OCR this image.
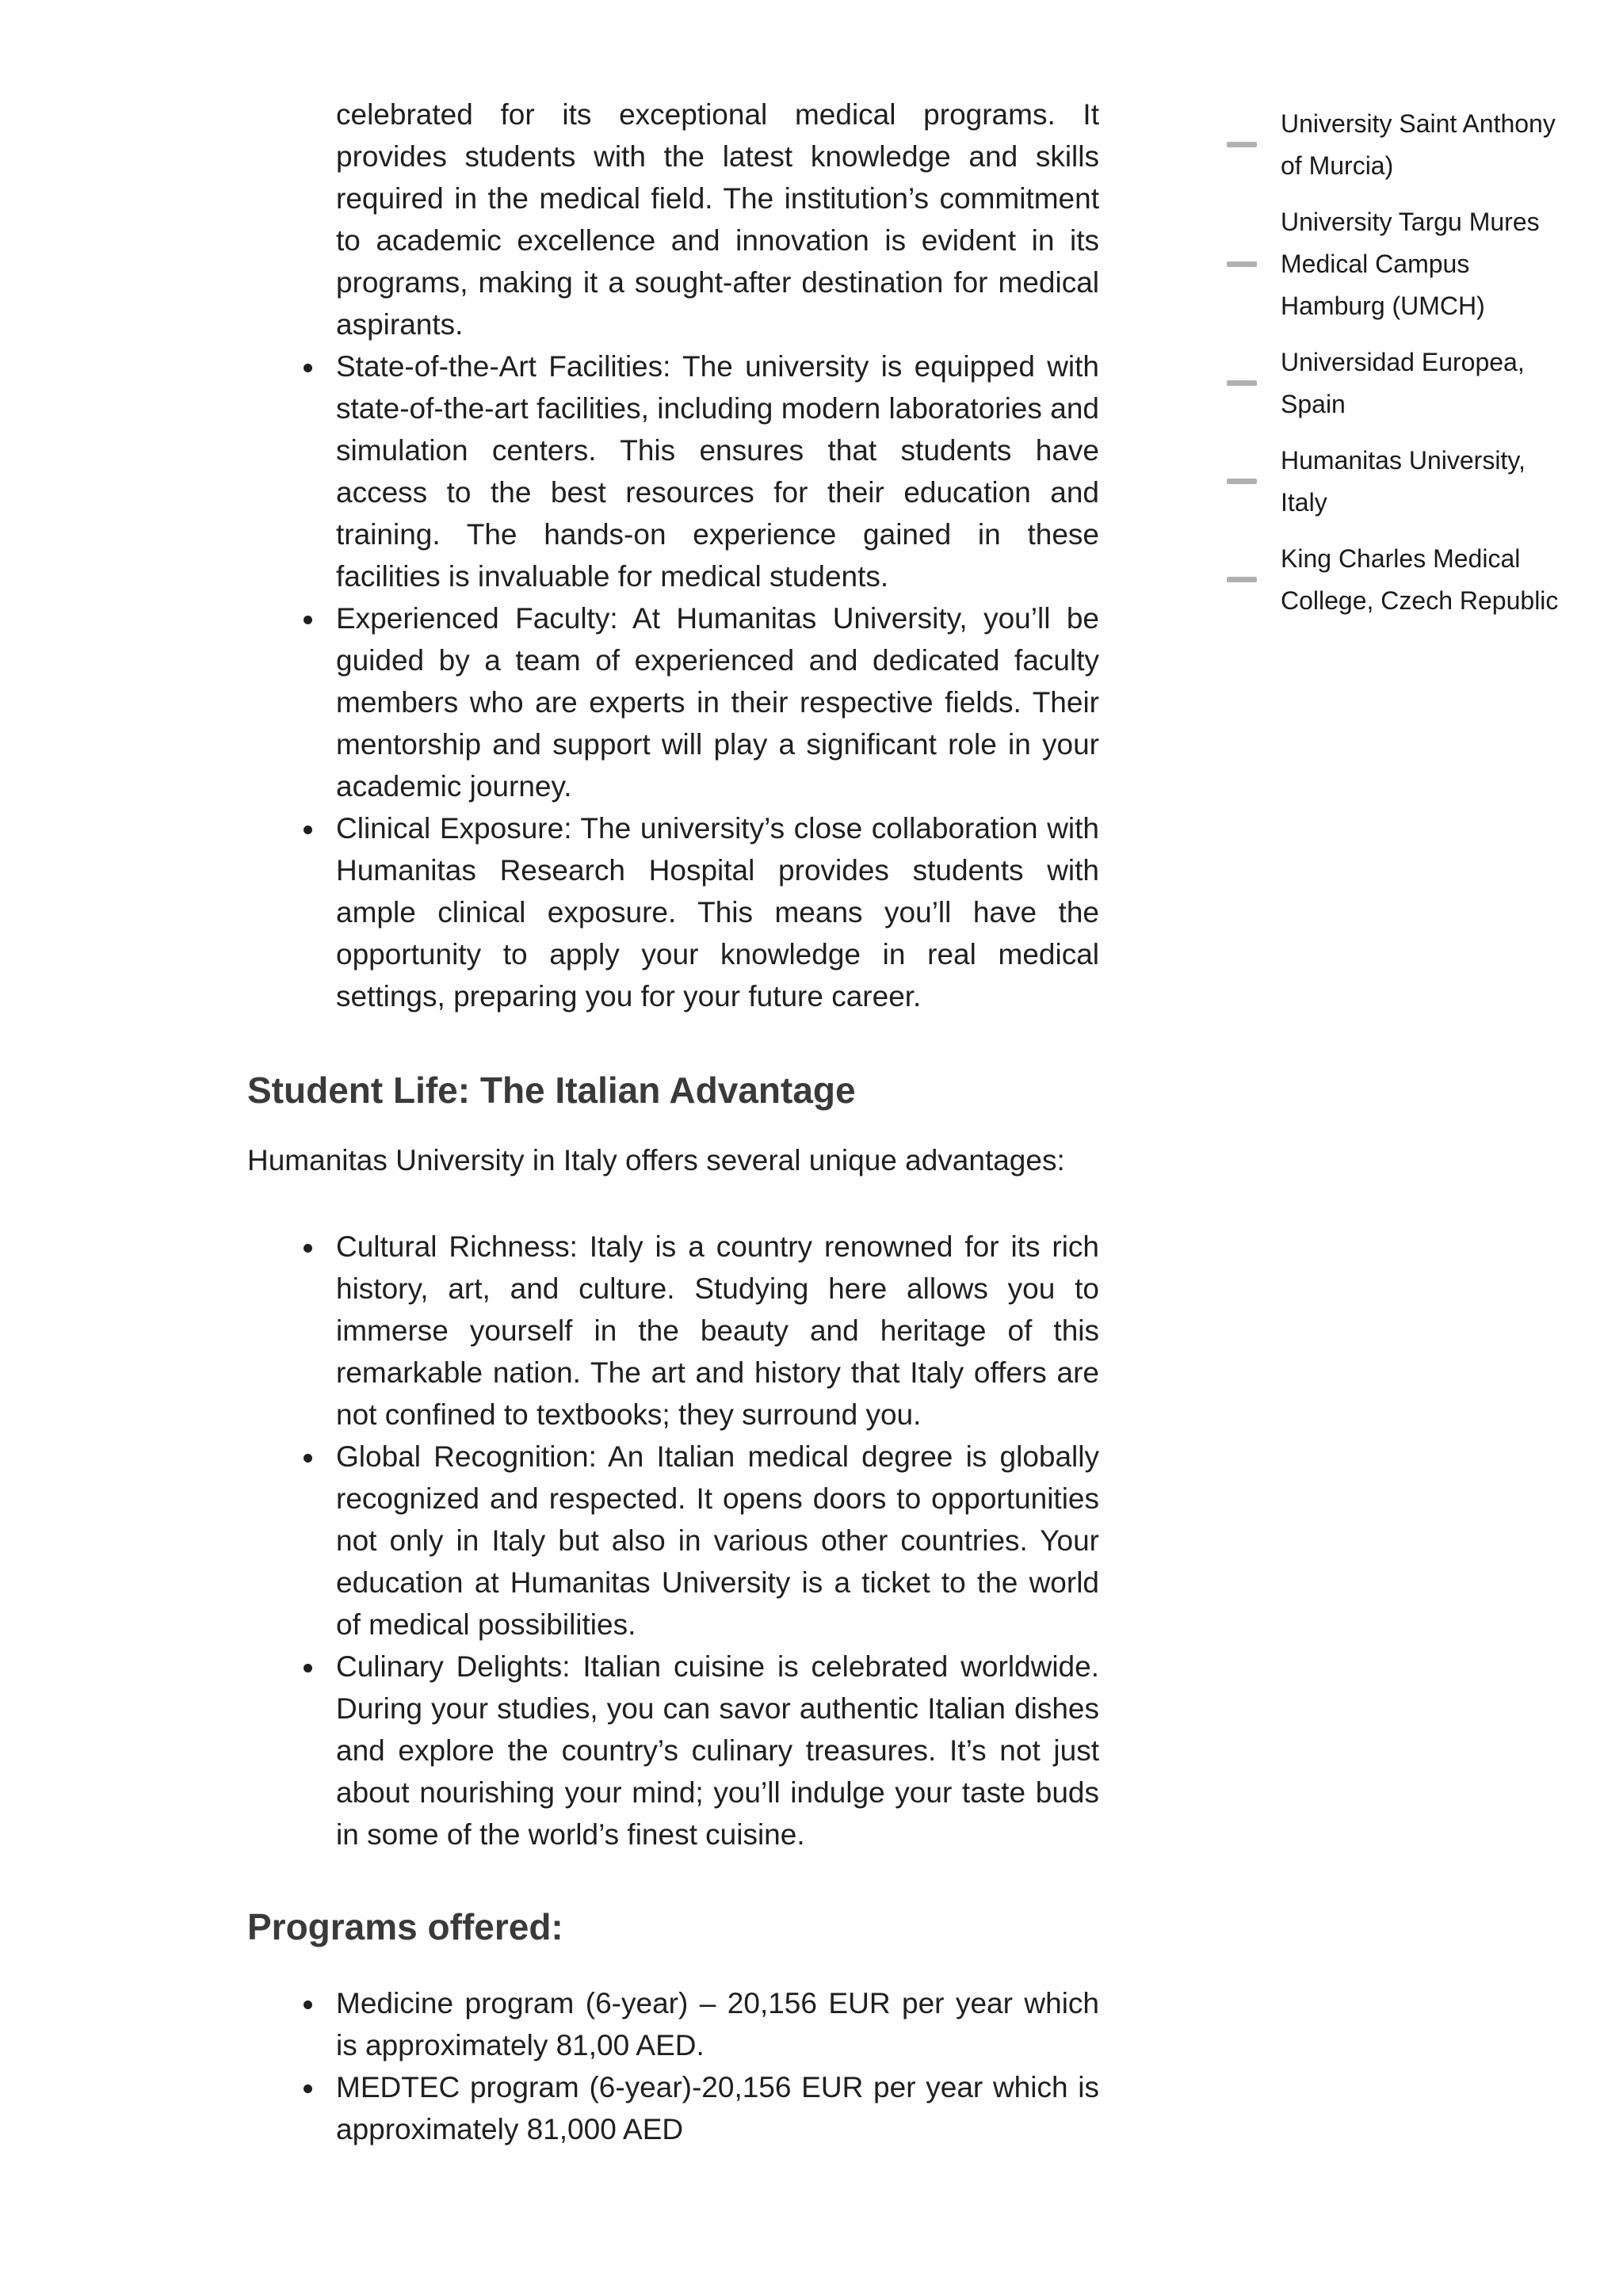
celebrated for its exceptional medical programs. It provides students with the latest knowledge and skills required in the medical field. The institution’s commitment to academic excellence and innovation is evident in its programs, making it a sought-after destination for medical aspirants.
State-of-the-Art Facilities: The university is equipped with state-of-the-art facilities, including modern laboratories and simulation centers. This ensures that students have access to the best resources for their education and training. The hands-on experience gained in these facilities is invaluable for medical students.
Experienced Faculty: At Humanitas University, you’ll be guided by a team of experienced and dedicated faculty members who are experts in their respective fields. Their mentorship and support will play a significant role in your academic journey.
Clinical Exposure: The university’s close collaboration with Humanitas Research Hospital provides students with ample clinical exposure. This means you’ll have the opportunity to apply your knowledge in real medical settings, preparing you for your future career.
Student Life: The Italian Advantage

Humanitas University in Italy offers several unique advantages:

Cultural Richness: Italy is a country renowned for its rich history, art, and culture. Studying here allows you to immerse yourself in the beauty and heritage of this remarkable nation. The art and history that Italy offers are not confined to textbooks; they surround you.
Global Recognition: An Italian medical degree is globally recognized and respected. It opens doors to opportunities not only in Italy but also in various other countries. Your education at Humanitas University is a ticket to the world of medical possibilities.
Culinary Delights: Italian cuisine is celebrated worldwide. During your studies, you can savor authentic Italian dishes and explore the country’s culinary treasures. It’s not just about nourishing your mind; you’ll indulge your taste buds in some of the world’s finest cuisine.
Programs offered:
Medicine program (6-year) – 20,156 EUR per year which is approximately 81,00 AED.
MEDTEC program (6-year)-20,156 EUR per year which is approximately 81,000 AED
University Saint Anthony of Murcia)
University Targu Mures Medical Campus Hamburg (UMCH)
Universidad Europea, Spain
Humanitas University, Italy
King Charles Medical College, Czech Republic
